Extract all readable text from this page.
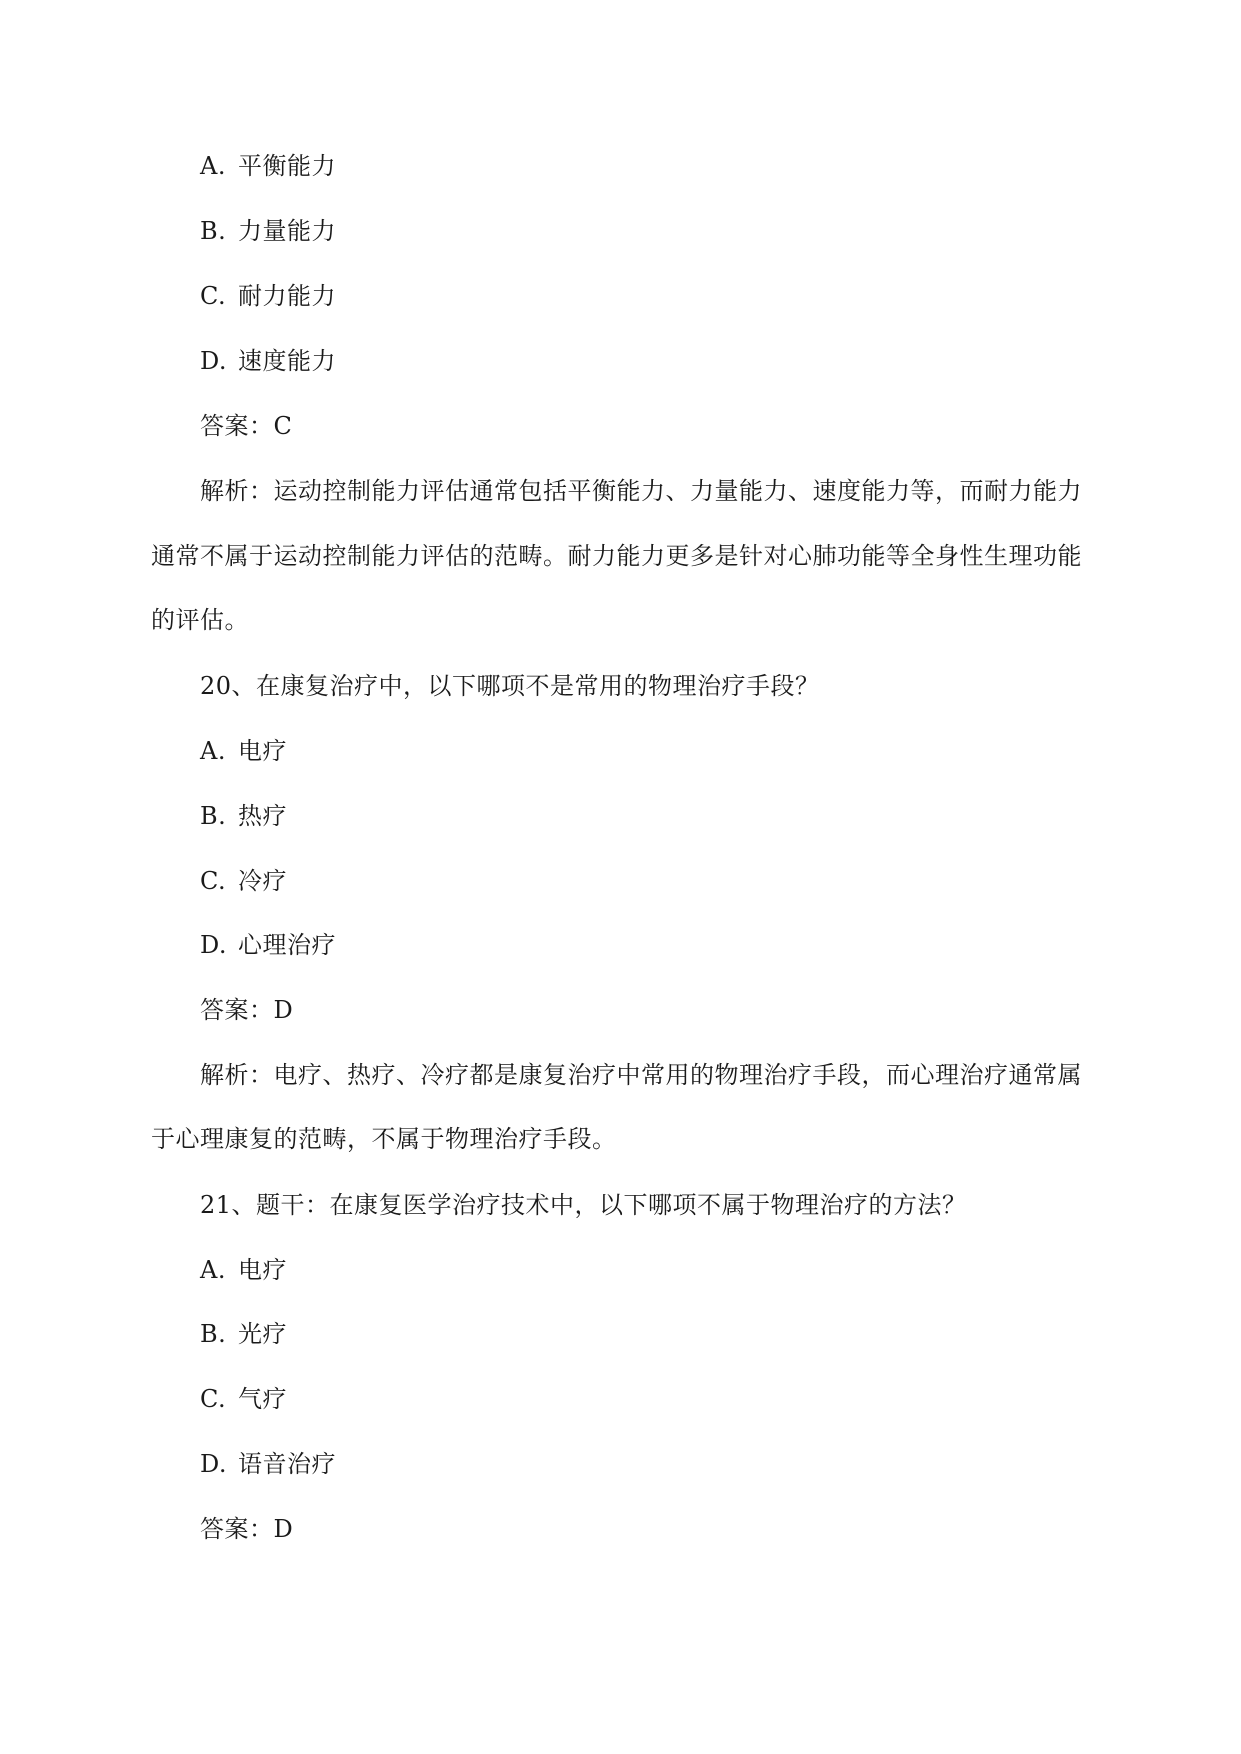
A. 平衡能力
B. 力量能力
C. 耐力能力
D. 速度能力
答案：C
解析：运动控制能力评估通常包括平衡能力、力量能力、速度能力等，而耐力能力
通常不属于运动控制能力评估的范畴。耐力能力更多是针对心肺功能等全身性生理功能
的评估。
20、在康复治疗中，以下哪项不是常用的物理治疗手段？
A. 电疗
B. 热疗
C. 冷疗
D. 心理治疗
答案：D
解析：电疗、热疗、冷疗都是康复治疗中常用的物理治疗手段，而心理治疗通常属
于心理康复的范畴，不属于物理治疗手段。
21、题干：在康复医学治疗技术中，以下哪项不属于物理治疗的方法？
A. 电疗
B. 光疗
C. 气疗
D. 语音治疗
答案：D
